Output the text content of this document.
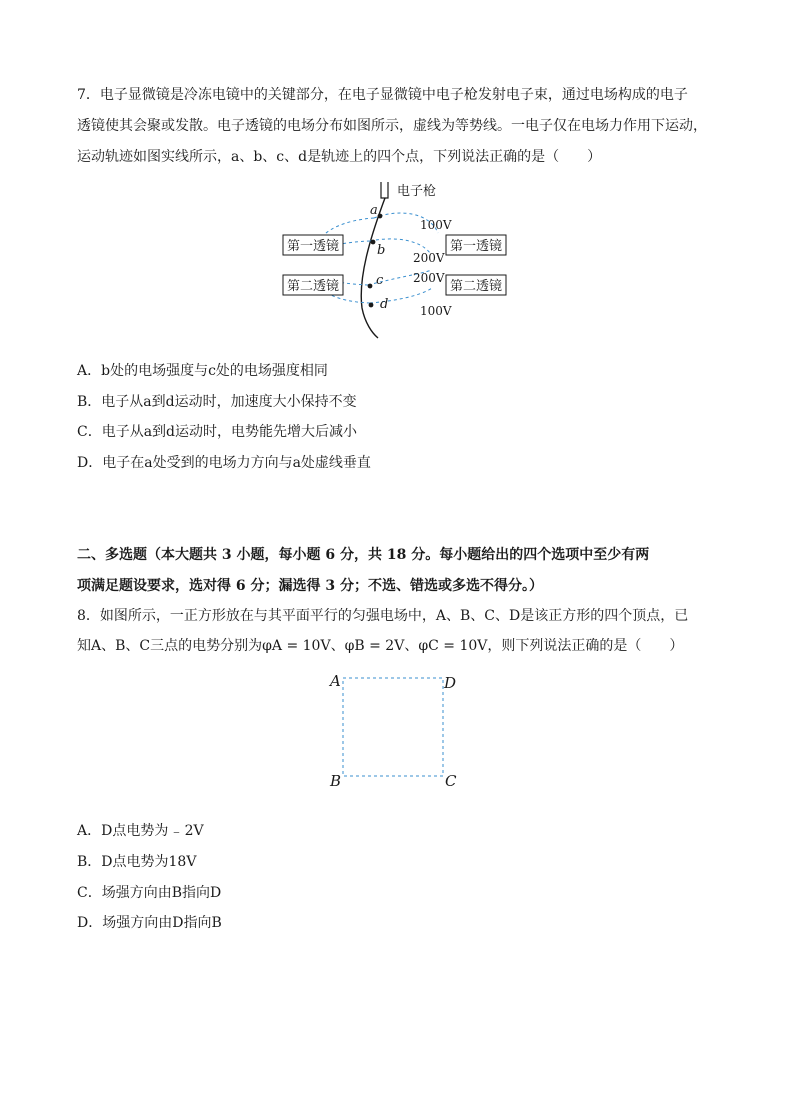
7．电子显微镜是冷冻电镜中的关键部分，在电子显微镜中电子枪发射电子束，通过电场构成的电子
透镜使其会聚或发散。电子透镜的电场分布如图所示，虚线为等势线。一电子仅在电场力作用下运动，
运动轨迹如图实线所示，a、b、c、d是轨迹上的四个点，下列说法正确的是（　　）
电子枪
a
b
c
d
100V
200V
200V
100V
第一透镜	第一透镜
第二透镜	第二透镜
A．b处的电场强度与c处的电场强度相同
B．电子从a到d运动时，加速度大小保持不变
C．电子从a到d运动时，电势能先增大后减小
D．电子在a处受到的电场力方向与a处虚线垂直
二、多选题（本大题共 3 小题，每小题 6 分，共 18 分。每小题给出的四个选项中至少有两
项满足题设要求，选对得 6 分；漏选得 3 分；不选、错选或多选不得分。）
8．如图所示，一正方形放在与其平面平行的匀强电场中，A、B、C、D是该正方形的四个顶点，已
知A、B、C三点的电势分别为φA = 10V、φB = 2V、φC = 10V，则下列说法正确的是（　　）
A	D
B	C
A．D点电势为 ₋ 2V
B．D点电势为18V
C．场强方向由B指向D
D．场强方向由D指向B
